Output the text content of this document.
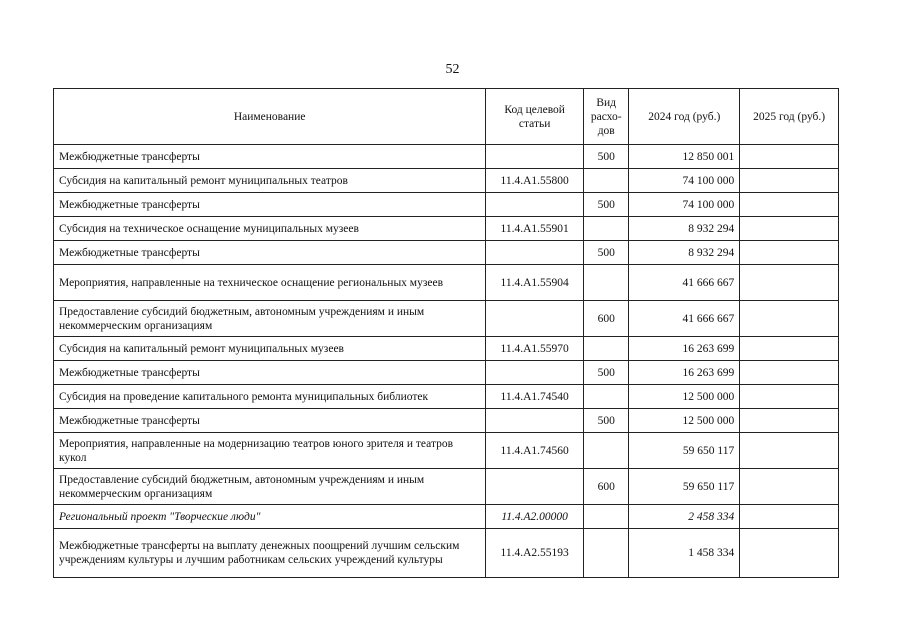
52
Наименование	Код целевой статьи	Вид расхо-дов	2024 год (руб.)	2025 год (руб.)
Межбюджетные трансферты		500	12 850 001	
Субсидия на капитальный ремонт муниципальных театров	11.4.А1.55800		74 100 000	
Межбюджетные трансферты		500	74 100 000	
Субсидия на техническое оснащение муниципальных музеев	11.4.А1.55901		8 932 294	
Межбюджетные трансферты		500	8 932 294	
Мероприятия, направленные на техническое оснащение региональных музеев	11.4.А1.55904		41 666 667	
Предоставление субсидий бюджетным, автономным учреждениям и иным некоммерческим организациям		600	41 666 667	
Субсидия на капитальный ремонт муниципальных музеев	11.4.А1.55970		16 263 699	
Межбюджетные трансферты		500	16 263 699	
Субсидия на проведение капитального ремонта муниципальных библиотек	11.4.А1.74540		12 500 000	
Межбюджетные трансферты		500	12 500 000	
Мероприятия, направленные на модернизацию театров юного зрителя и театров кукол	11.4.А1.74560		59 650 117	
Предоставление субсидий бюджетным, автономным учреждениям и иным некоммерческим организациям		600	59 650 117	
Региональный проект "Творческие люди"	11.4.А2.00000		2 458 334	
Межбюджетные трансферты на выплату денежных поощрений лучшим сельским учреждениям культуры и лучшим работникам сельских учреждений культуры	11.4.А2.55193		1 458 334	
